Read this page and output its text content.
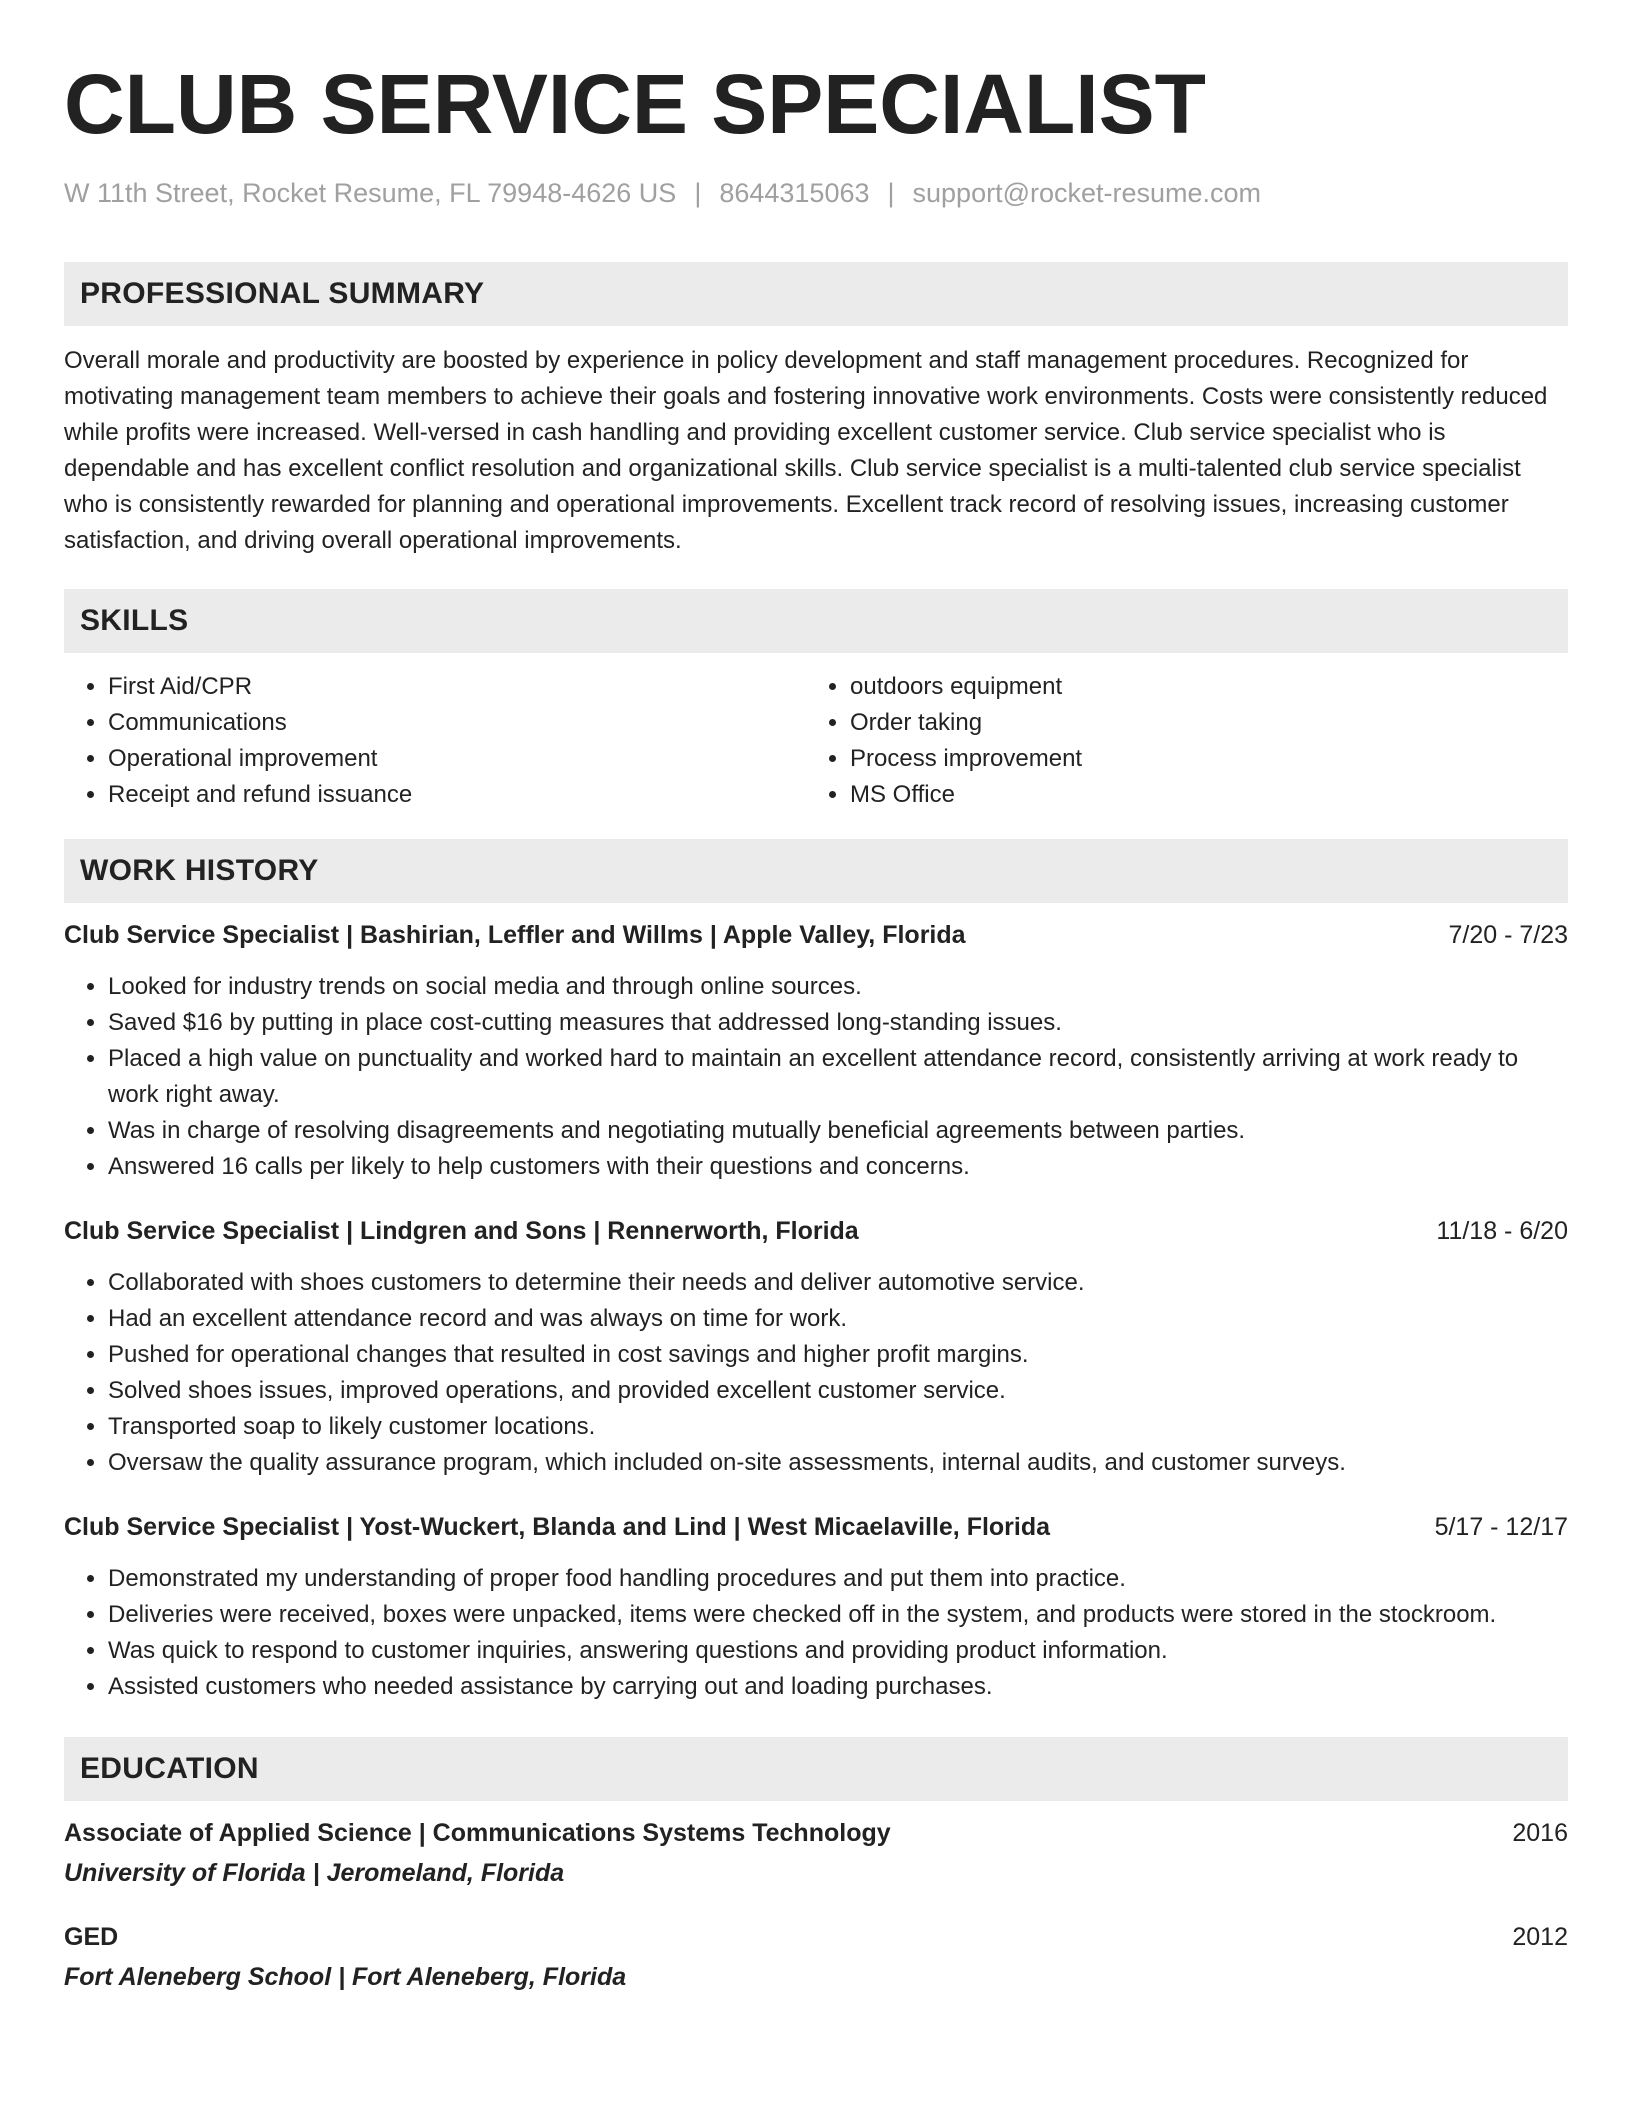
CLUB SERVICE SPECIALIST
W 11th Street, Rocket Resume, FL 79948-4626 US | 8644315063 | support@rocket-resume.com
PROFESSIONAL SUMMARY
Overall morale and productivity are boosted by experience in policy development and staff management procedures. Recognized for motivating management team members to achieve their goals and fostering innovative work environments. Costs were consistently reduced while profits were increased. Well-versed in cash handling and providing excellent customer service. Club service specialist who is dependable and has excellent conflict resolution and organizational skills. Club service specialist is a multi-talented club service specialist who is consistently rewarded for planning and operational improvements. Excellent track record of resolving issues, increasing customer satisfaction, and driving overall operational improvements.
SKILLS
• First Aid/CPR
• Communications
• Operational improvement
• Receipt and refund issuance
• outdoors equipment
• Order taking
• Process improvement
• MS Office
WORK HISTORY
Club Service Specialist | Bashirian, Leffler and Willms | Apple Valley, Florida	7/20 - 7/23
• Looked for industry trends on social media and through online sources.
• Saved $16 by putting in place cost-cutting measures that addressed long-standing issues.
• Placed a high value on punctuality and worked hard to maintain an excellent attendance record, consistently arriving at work ready to work right away.
• Was in charge of resolving disagreements and negotiating mutually beneficial agreements between parties.
• Answered 16 calls per likely to help customers with their questions and concerns.
Club Service Specialist | Lindgren and Sons | Rennerworth, Florida	11/18 - 6/20
• Collaborated with shoes customers to determine their needs and deliver automotive service.
• Had an excellent attendance record and was always on time for work.
• Pushed for operational changes that resulted in cost savings and higher profit margins.
• Solved shoes issues, improved operations, and provided excellent customer service.
• Transported soap to likely customer locations.
• Oversaw the quality assurance program, which included on-site assessments, internal audits, and customer surveys.
Club Service Specialist | Yost-Wuckert, Blanda and Lind | West Micaelaville, Florida	5/17 - 12/17
• Demonstrated my understanding of proper food handling procedures and put them into practice.
• Deliveries were received, boxes were unpacked, items were checked off in the system, and products were stored in the stockroom.
• Was quick to respond to customer inquiries, answering questions and providing product information.
• Assisted customers who needed assistance by carrying out and loading purchases.
EDUCATION
Associate of Applied Science | Communications Systems Technology	2016
University of Florida | Jeromeland, Florida
GED	2012
Fort Aleneberg School | Fort Aleneberg, Florida
